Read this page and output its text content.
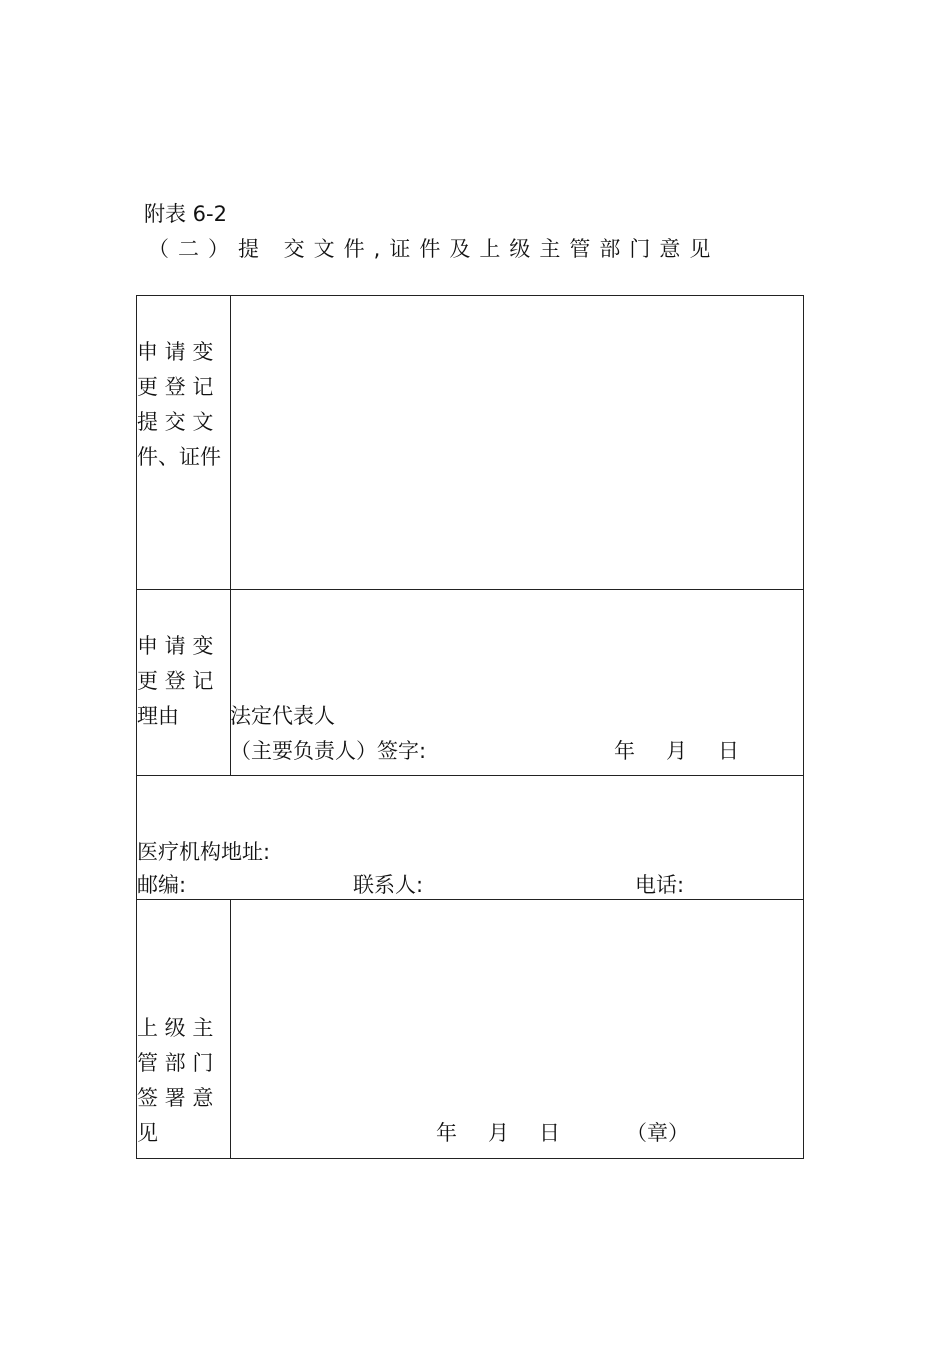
附表 6-2
（二）提 交文件,证件及上级主管部门意见
申 请 变
更 登 记
提 交 文
件、证件
申 请 变
更 登 记
理由	法定代表人
（主要负责人）签字:	年 月 日
医疗机构地址:
邮编:	联系人:	电话:
上 级 主
管 部 门
签 署 意
见	年 月 日	（章）
